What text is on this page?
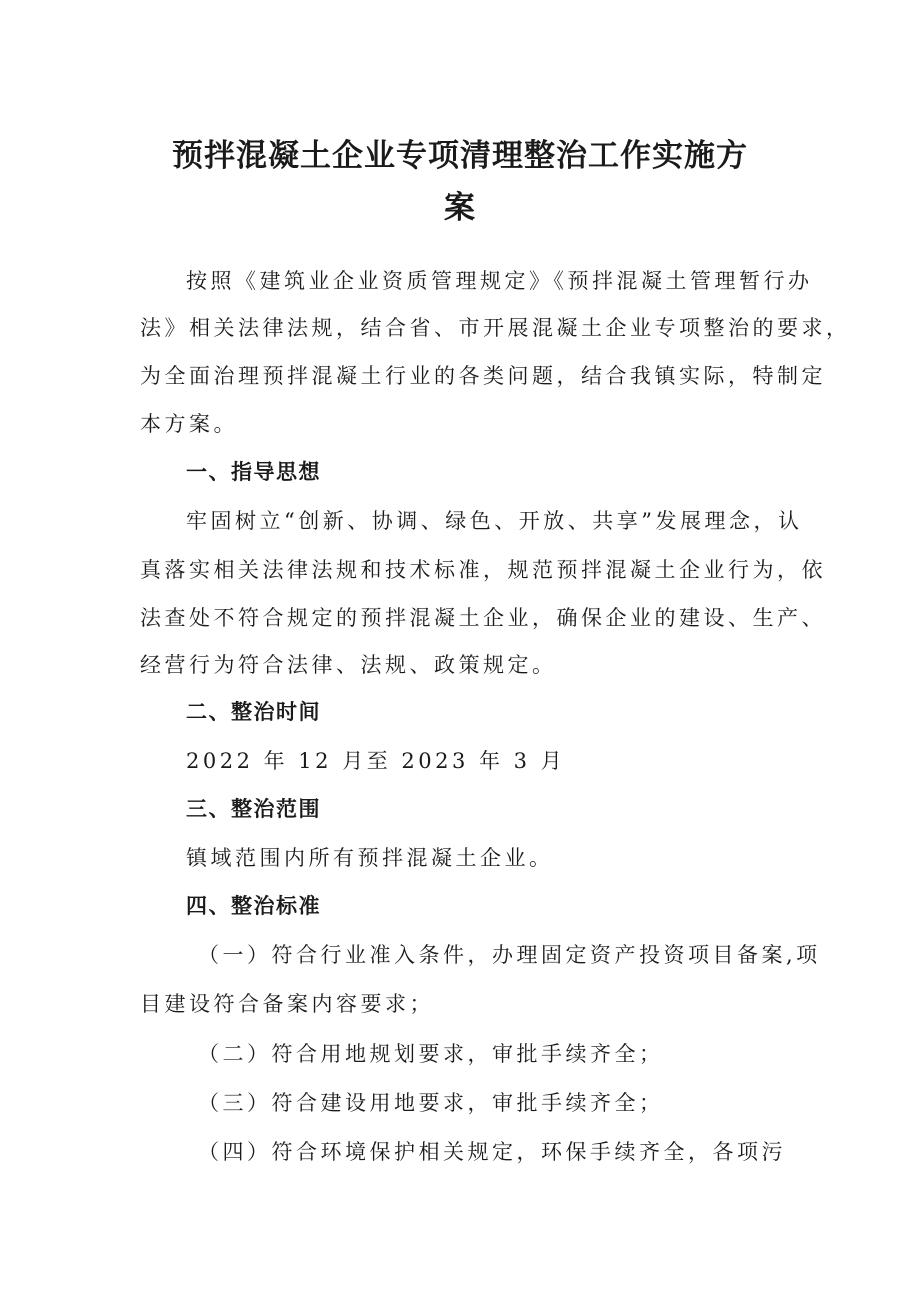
预拌混凝土企业专项清理整治工作实施方
案

按照《建筑业企业资质管理规定》《预拌混凝土管理暂行办

法》相关法律法规，结合省、市开展混凝土企业专项整治的要求，

为全面治理预拌混凝土行业的各类问题，结合我镇实际，特制定

本方案。

一、指导思想

牢固树立“创新、协调、绿色、开放、共享”发展理念，认

真落实相关法律法规和技术标准，规范预拌混凝土企业行为，依

法查处不符合规定的预拌混凝土企业，确保企业的建设、生产、

经营行为符合法律、法规、政策规定。

二、整治时间

2022 年 12 月至 2023 年 3 月

三、整治范围

镇域范围内所有预拌混凝土企业。

四、整治标准

（一）符合行业准入条件，办理固定资产投资项目备案,项

目建设符合备案内容要求；

（二）符合用地规划要求，审批手续齐全；

（三）符合建设用地要求，审批手续齐全；

（四）符合环境保护相关规定，环保手续齐全，各项污
